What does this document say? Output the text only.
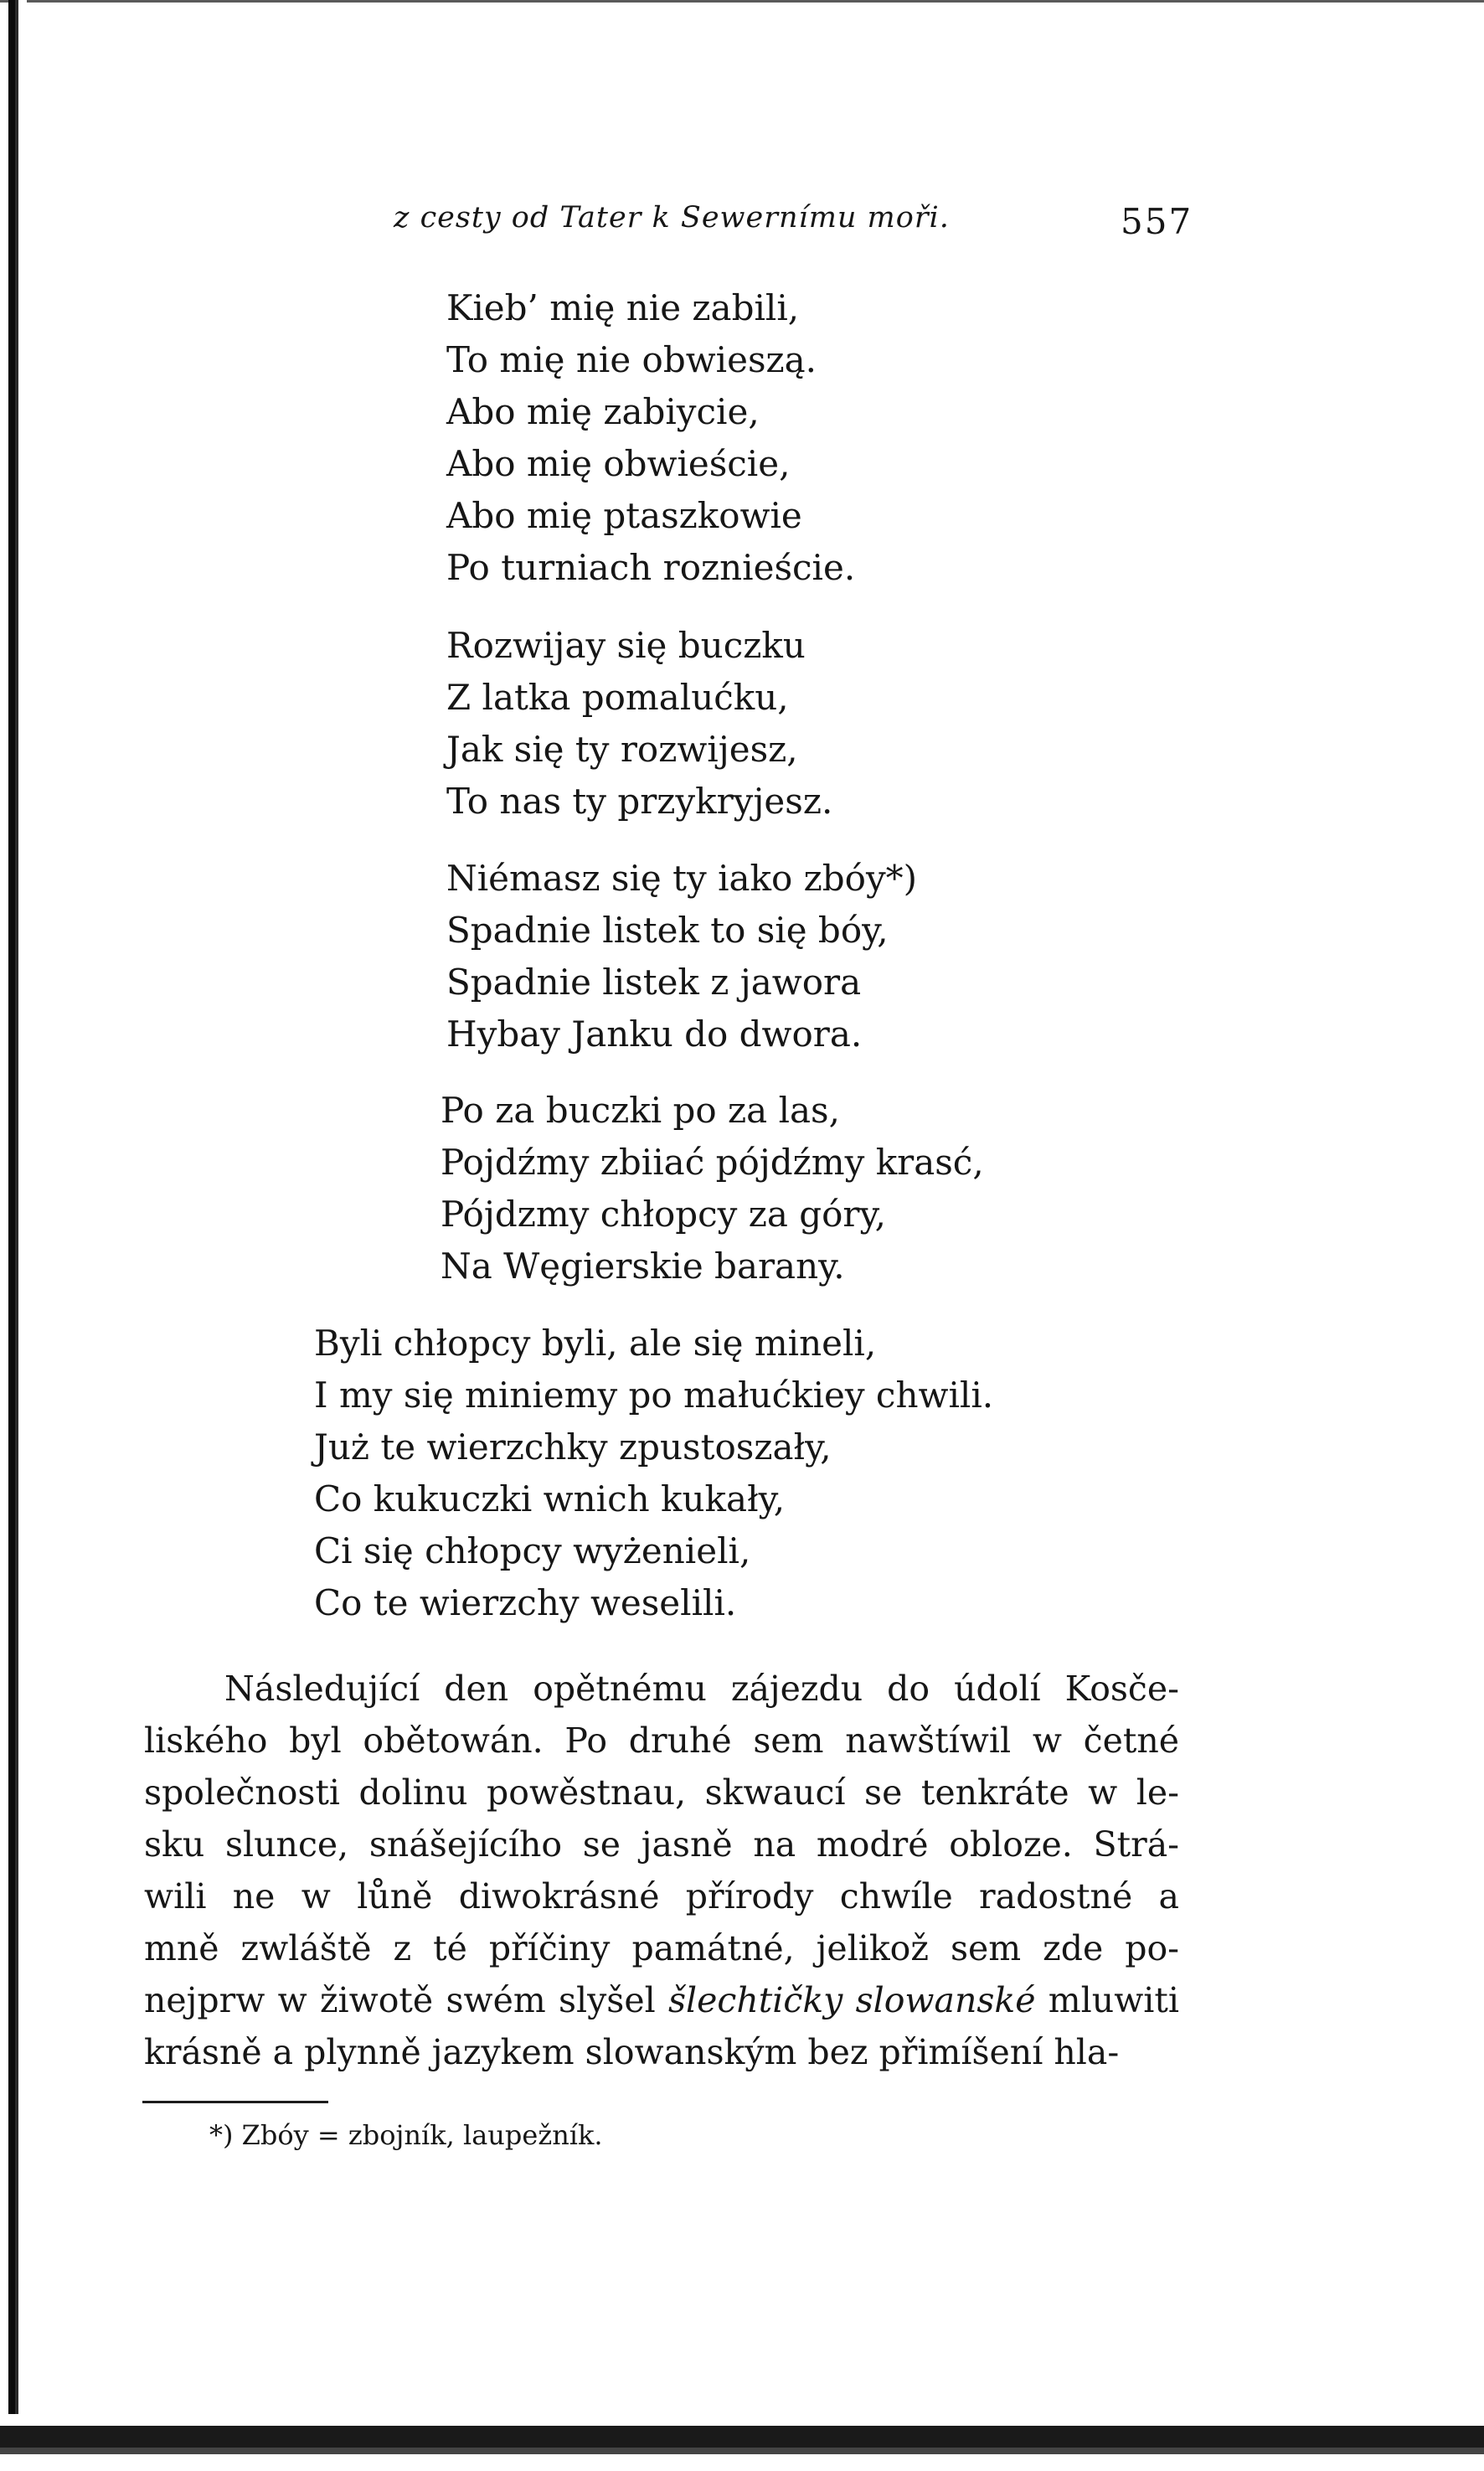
z cesty od Tater k Sewernímu moři.	557
Kieb’ mię nie zabili,
To mię nie obwieszą.
Abo mię zabiycie,
Abo mię obwieście,
Abo mię ptaszkowie
Po turniach roznieście.
Rozwijay się buczku
Z latka pomalućku,
Jak się ty rozwijesz,
To nas ty przykryjesz.
Niémasz się ty iako zbóy*)
Spadnie listek to się bóy,
Spadnie listek z jawora
Hybay Janku do dwora.
Po za buczki po za las,
Pojdźmy zbiiać pójdźmy krasć,
Pójdzmy chłopcy za góry,
Na Węgierskie barany.
Byli chłopcy byli, ale się mineli,
I my się miniemy po małućkiey chwili.
Już te wierzchky zpustoszały,
Co kukuczki wnich kukały,
Ci się chłopcy wyżenieli,
Co te wierzchy weselili.
Následující den opětnému zájezdu do údolí Kosče-
liského byl obětowán. Po druhé sem nawštíwil w četné
společnosti dolinu powěstnau, skwaucí se tenkráte w le-
sku slunce, snášejícího se jasně na modré obloze. Strá-
wili ne w lůně diwokrásné přírody chwíle radostné a
mně zwláště z té příčiny památné, jelikož sem zde po-
nejprw w žiwotě swém slyšel šlechtičky slowanské mluwiti
krásně a plynně jazykem slowanským bez přimíšení hla-
*) Zbóy = zbojník, laupežník.
